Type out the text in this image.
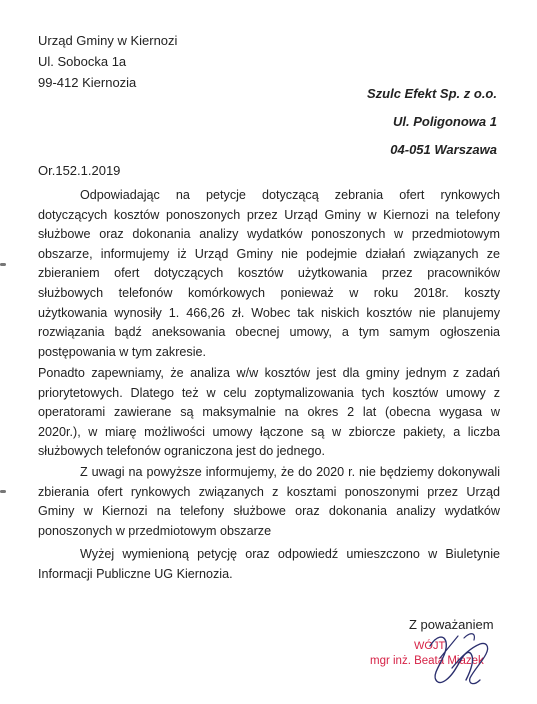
Urząd Gminy w Kiernozi
Ul. Sobocka 1a
99-412 Kiernozia
Szulc Efekt Sp. z o.o.
Ul. Poligonowa 1
04-051 Warszawa
Or.152.1.2019
Odpowiadając na petycje dotyczącą zebrania ofert rynkowych
dotyczących kosztów ponoszonych przez Urząd Gminy w Kiernozi na telefony
służbowe oraz dokonania analizy wydatków ponoszonych w przedmiotowym
obszarze, informujemy iż Urząd Gminy nie podejmie działań związanych ze
zbieraniem ofert dotyczących kosztów użytkowania przez pracowników
służbowych telefonów komórkowych ponieważ w roku 2018r. koszty
użytkowania wynosiły 1. 466,26 zł. Wobec tak niskich kosztów nie planujemy
rozwiązania bądź aneksowania obecnej umowy, a tym samym ogłoszenia
postępowania w tym zakresie.
Ponadto zapewniamy, że analiza w/w kosztów jest dla gminy jednym z zadań
priorytetowych. Dlatego też w celu zoptymalizowania tych kosztów umowy z
operatorami zawierane są maksymalnie na okres 2 lat (obecna wygasa w
2020r.), w miarę możliwości umowy łączone są w zbiorcze pakiety, a liczba
służbowych telefonów ograniczona jest do jednego.
Z uwagi na powyższe informujemy, że do 2020 r. nie będziemy dokonywali
zbierania ofert rynkowych związanych z kosztami ponoszonymi przez Urząd
Gminy w Kiernozi na telefony służbowe oraz dokonania analizy wydatków
ponoszonych w przedmiotowym obszarze
Wyżej wymienioną petycję oraz odpowiedź umieszczono w Biuletynie
Informacji Publiczne UG Kiernozia.
Z poważaniem
WÓJT
mgr inż. Beata Miazek
